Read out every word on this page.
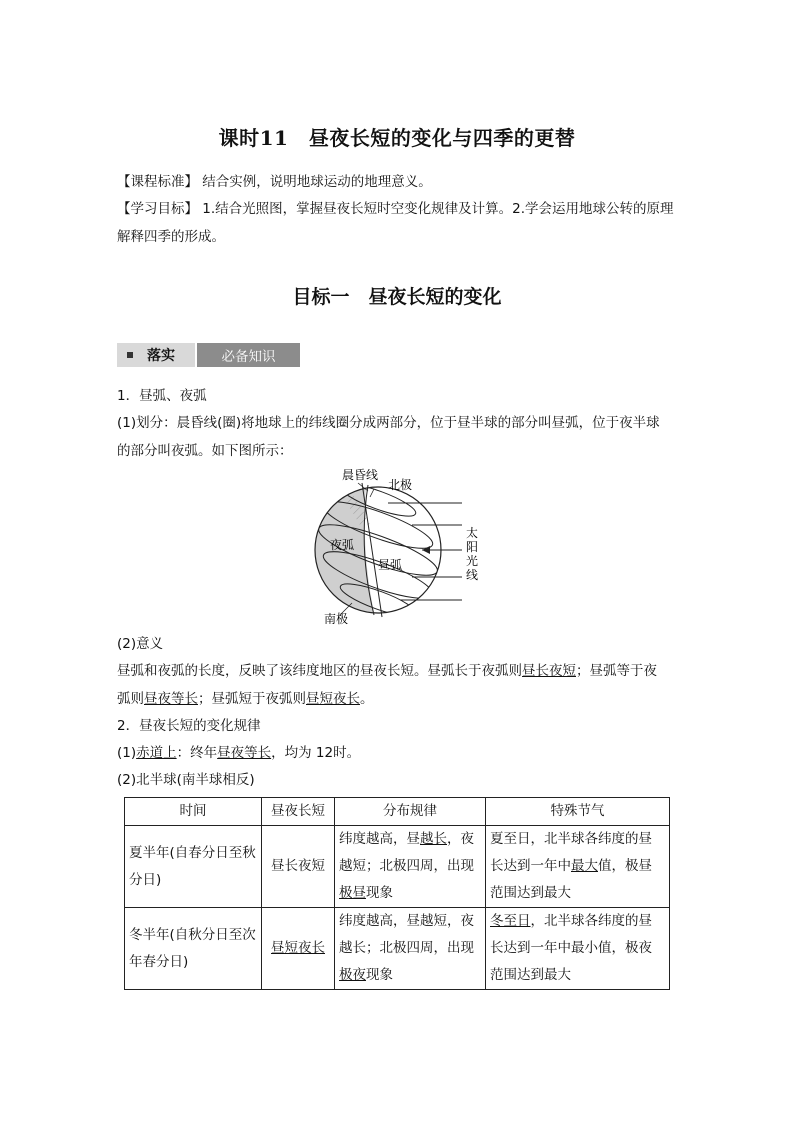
课时11　昼夜长短的变化与四季的更替
【课程标准】 结合实例，说明地球运动的地理意义。
【学习目标】 1.结合光照图，掌握昼夜长短时空变化规律及计算。2.学会运用地球公转的原理
解释四季的形成。
目标一　昼夜长短的变化
落实	必备知识
1．昼弧、夜弧
(1)划分：晨昏线(圈)将地球上的纬线圈分成两部分，位于昼半球的部分叫昼弧，位于夜半球
的部分叫夜弧。如下图所示：
晨昏线
北极
南极
夜弧
昼弧
太
阳
光
线
(2)意义
昼弧和夜弧的长度，反映了该纬度地区的昼夜长短。昼弧长于夜弧则昼长夜短；昼弧等于夜
弧则昼夜等长；昼弧短于夜弧则昼短夜长。
2．昼夜长短的变化规律
(1)赤道上：终年昼夜等长，均为 12时。
(2)北半球(南半球相反)
时间	昼夜长短	分布规律	特殊节气
夏半年(自春分日至秋分日)	昼长夜短	纬度越高，昼越长，夜越短；北极四周，出现极昼现象	夏至日，北半球各纬度的昼长达到一年中最大值，极昼范围达到最大
冬半年(自秋分日至次年春分日)	昼短夜长	纬度越高，昼越短，夜越长；北极四周，出现极夜现象	冬至日，北半球各纬度的昼长达到一年中最小值，极夜范围达到最大
